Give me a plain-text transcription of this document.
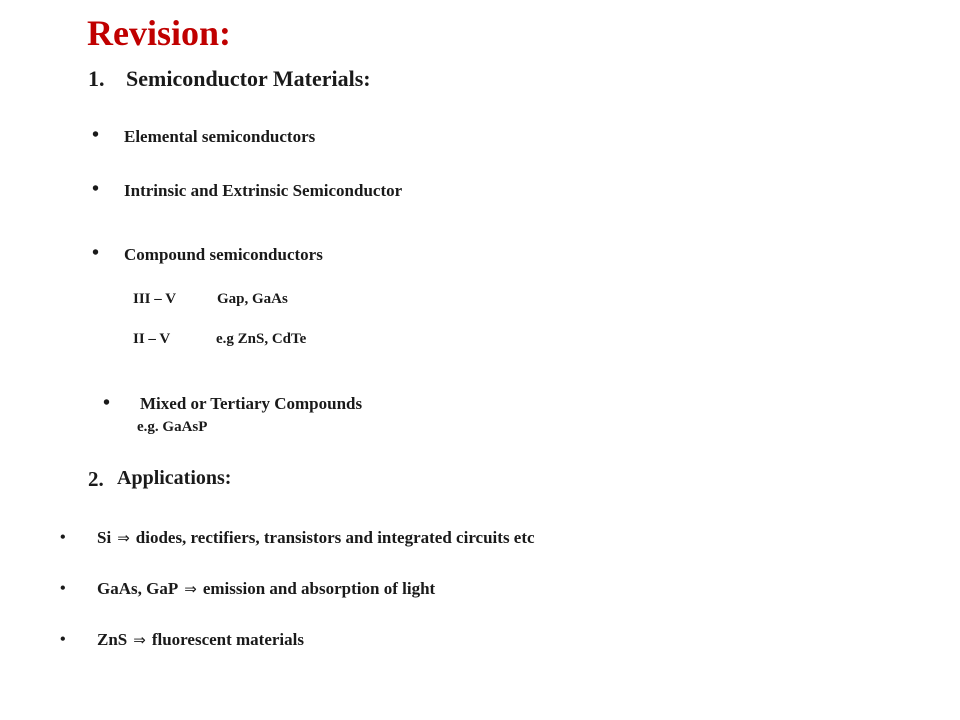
Revision:
1. Semiconductor Materials:
• Elemental semiconductors
• Intrinsic and Extrinsic Semiconductor
• Compound semiconductors
III – V	Gap, GaAs
II – V	e.g ZnS, CdTe
• Mixed or Tertiary Compounds
e.g. GaAsP
2. Applications:
• Si ⇒ diodes, rectifiers, transistors and integrated circuits etc
• GaAs, GaP ⇒ emission and absorption of light
• ZnS ⇒ fluorescent materials
